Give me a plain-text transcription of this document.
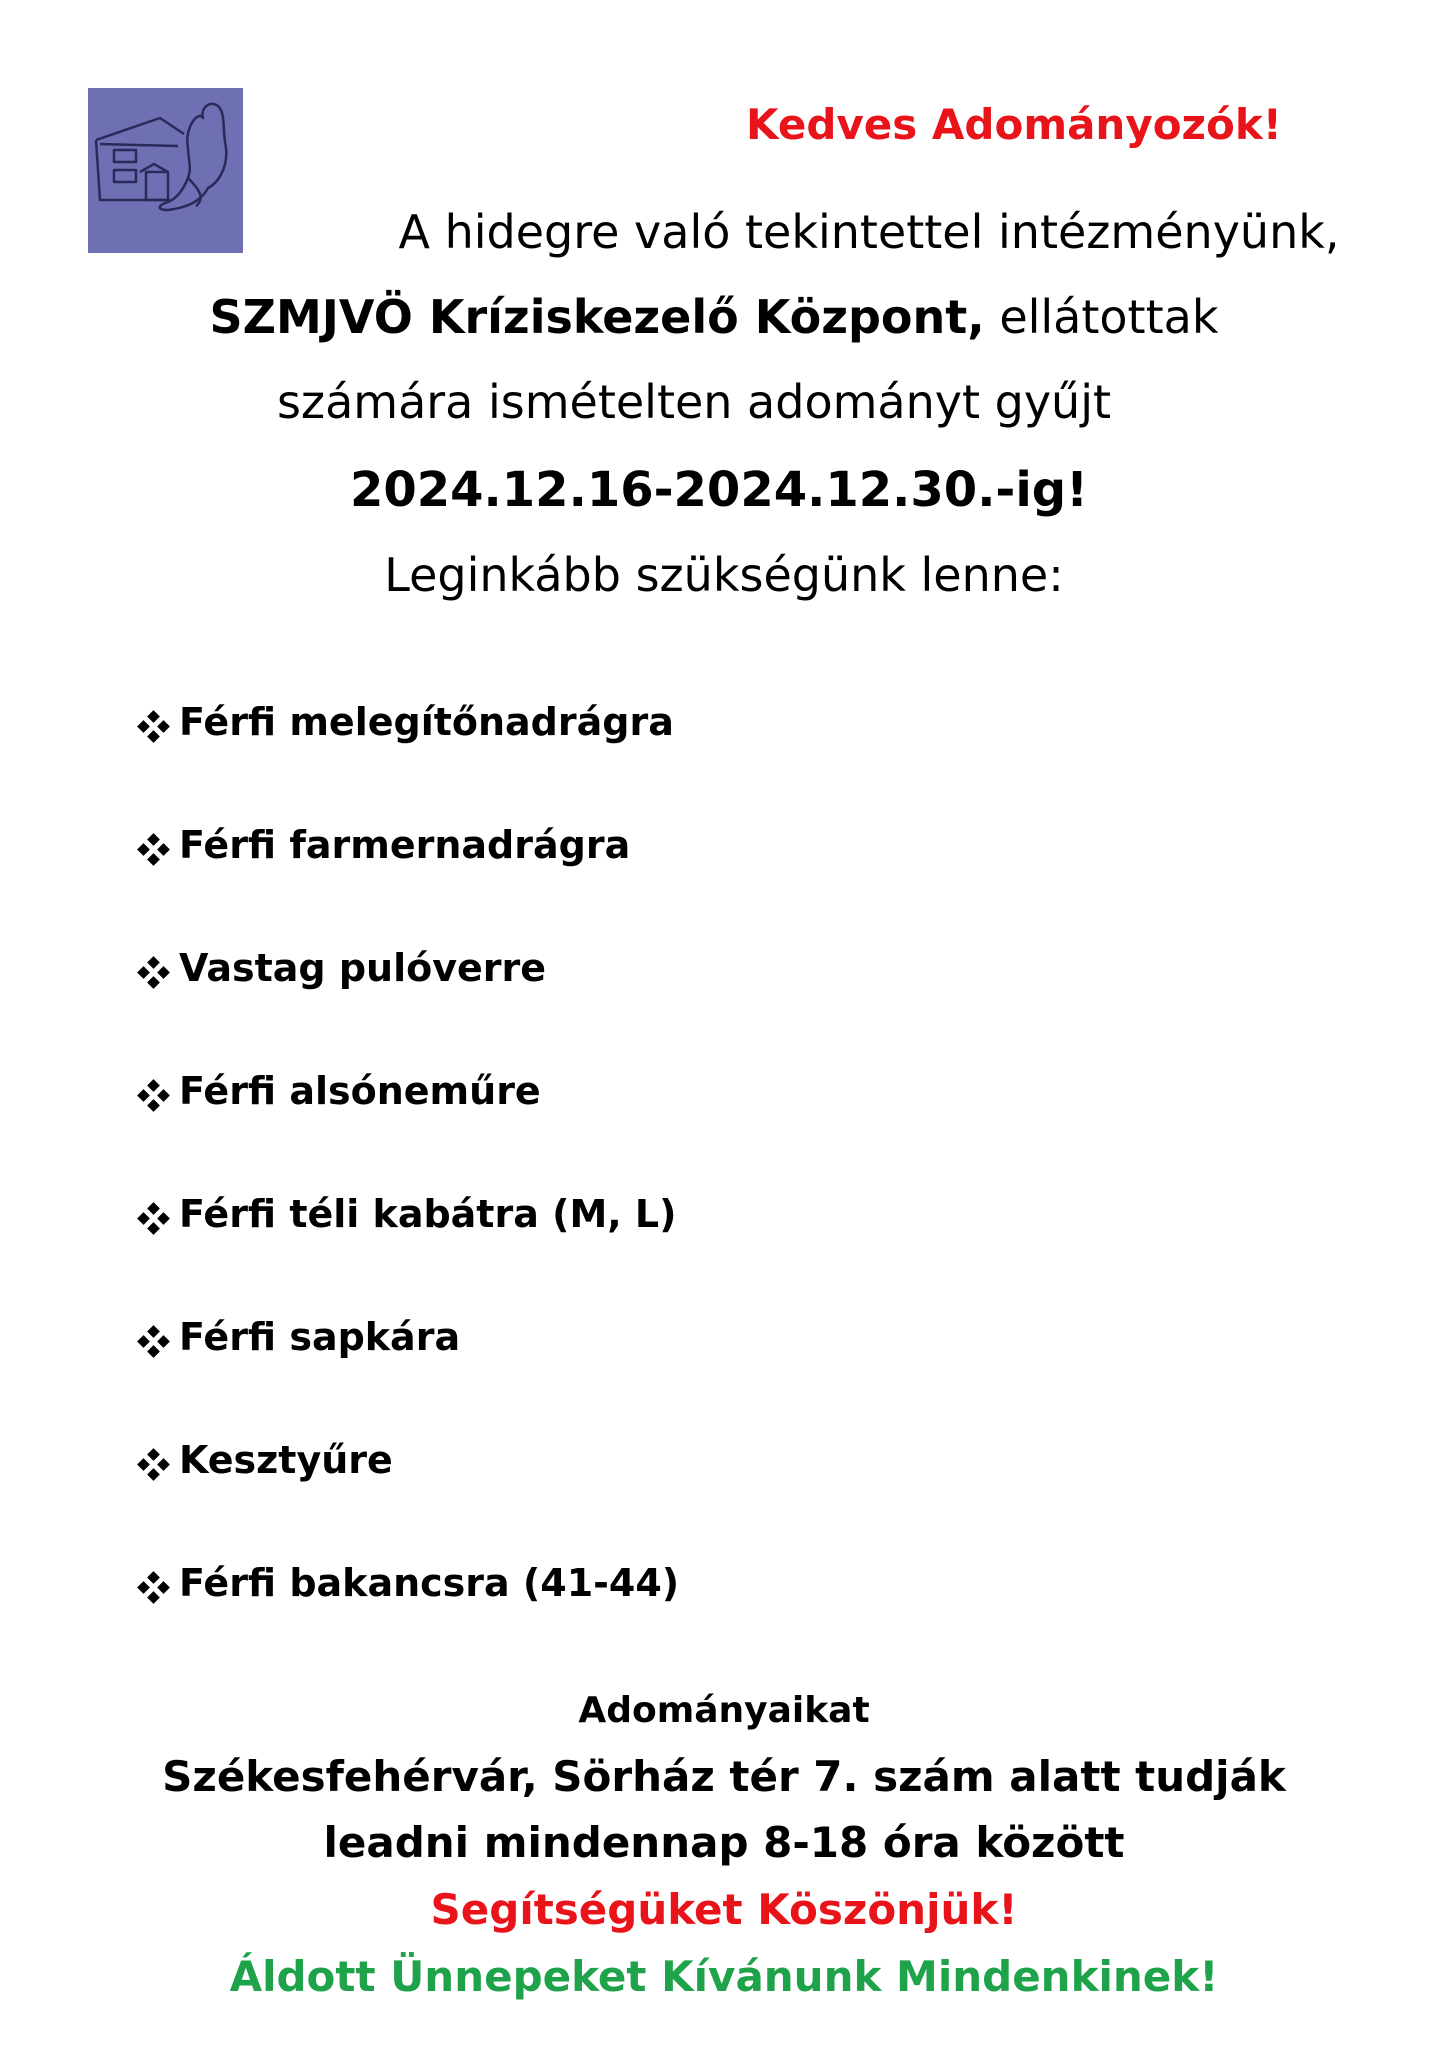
Kedves Adományozók!
A hidegre való tekintettel intézményünk,
SZMJVÖ Kríziskezelő Központ, ellátottak
számára ismételten adományt gyűjt
2024.12.16-2024.12.30.-ig!
Leginkább szükségünk lenne:
Férfi melegítőnadrágra
Férfi farmernadrágra
Vastag pulóverre
Férfi alsóneműre
Férfi téli kabátra (M, L)
Férfi sapkára
Kesztyűre
Férfi bakancsra (41-44)
Adományaikat
Székesfehérvár, Sörház tér 7. szám alatt tudják
leadni mindennap 8-18 óra között
Segítségüket Köszönjük!
Áldott Ünnepeket Kívánunk Mindenkinek!
